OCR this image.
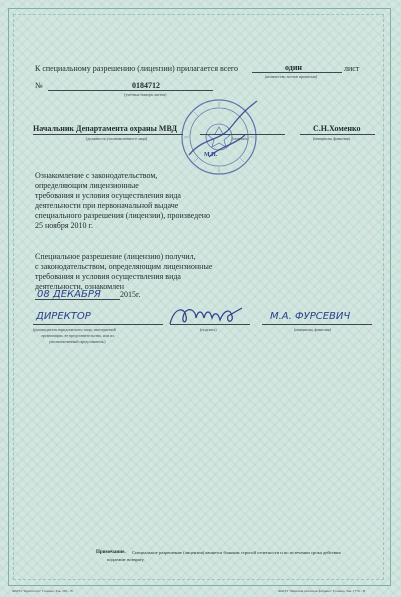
К специальному разрешению (лицензии) прилагается всего	один	лист
(количество листов прописью)
№	0184712
(учетные номера листов)
Начальник Департамента охраны МВД
(должность уполномоченного лица)	(подпись)
С.Н.Хоменко
(инициалы, фамилия)
М.П.
Ознакомление с законодательством,
определяющим лицензионные
требования и условия осуществления вида
деятельности при первоначальной выдаче
специального разрешения (лицензии), произведено
25 ноября 2010 г.
Специальное разрешение (лицензию) получил,
с законодательством, определяющим лицензионные
требования и условия осуществления вида
деятельности, ознакомлен
08 ДЕКАБРЯ 2015г.
ДИРЕКТОР
(руководитель юридического лица, иностранной
организации, ее представительства, или их
уполномоченный представитель)
(подпись)
М.А. ФУРСЕВИЧ
(инициалы, фамилия)
Примечание. Специальное разрешение (лицензия) является бланком строгой отчетности и по истечении срока действия
подлежит возврату.
ФАУП "Криптотех" Гознака. Зак. 263 - В	ФАУП "Минская печатная фабрика" Гознака. Зак. 1776 - В
